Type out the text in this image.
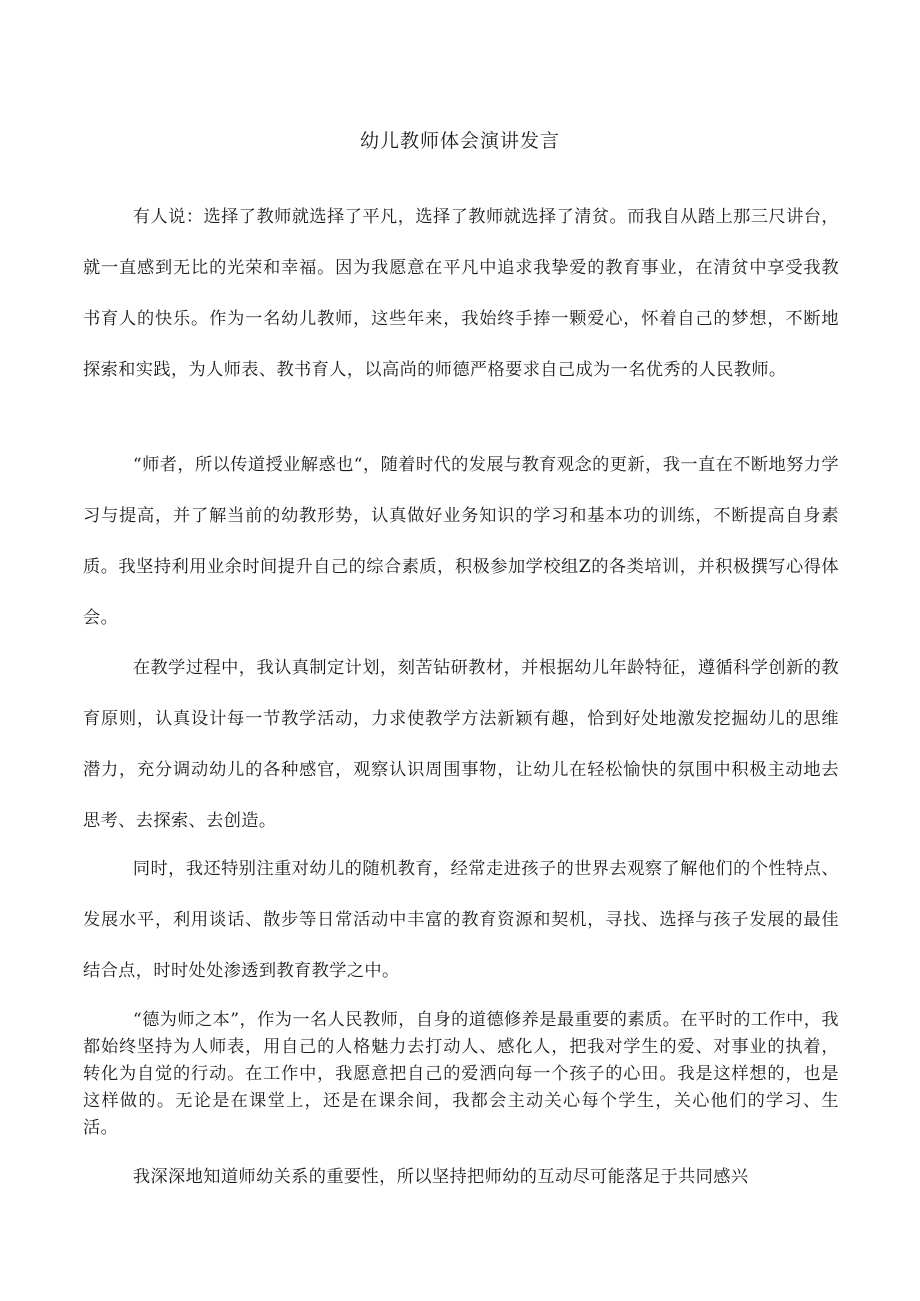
幼儿教师体会演讲发言

有人说：选择了教师就选择了平凡，选择了教师就选择了清贫。而我自从踏上那三尺讲台，就一直感到无比的光荣和幸福。因为我愿意在平凡中追求我挚爱的教育事业，在清贫中享受我教书育人的快乐。作为一名幼儿教师，这些年来，我始终手捧一颗爱心，怀着自己的梦想，不断地探索和实践，为人师表、教书育人，以高尚的师德严格要求自己成为一名优秀的人民教师。

“师者，所以传道授业解惑也“，随着时代的发展与教育观念的更新，我一直在不断地努力学习与提高，并了解当前的幼教形势，认真做好业务知识的学习和基本功的训练，不断提高自身素质。我坚持利用业余时间提升自己的综合素质，积极参加学校组Z的各类培训，并积极撰写心得体会。

在教学过程中，我认真制定计划，刻苦钻研教材，并根据幼儿年龄特征，遵循科学创新的教育原则，认真设计每一节教学活动，力求使教学方法新颖有趣，恰到好处地激发挖掘幼儿的思维潜力，充分调动幼儿的各种感官，观察认识周围事物，让幼儿在轻松愉快的氛围中积极主动地去思考、去探索、去创造。

同时，我还特别注重对幼儿的随机教育，经常走进孩子的世界去观察了解他们的个性特点、发展水平，利用谈话、散步等日常活动中丰富的教育资源和契机，寻找、选择与孩子发展的最佳结合点，时时处处渗透到教育教学之中。

“德为师之本”，作为一名人民教师，自身的道德修养是最重要的素质。在平时的工作中，我都始终坚持为人师表，用自己的人格魅力去打动人、感化人，把我对学生的爱、对事业的执着，转化为自觉的行动。在工作中，我愿意把自己的爱洒向每一个孩子的心田。我是这样想的，也是这样做的。无论是在课堂上，还是在课余间，我都会主动关心每个学生，关心他们的学习、生活。

我深深地知道师幼关系的重要性，所以坚持把师幼的互动尽可能落足于共同感兴
